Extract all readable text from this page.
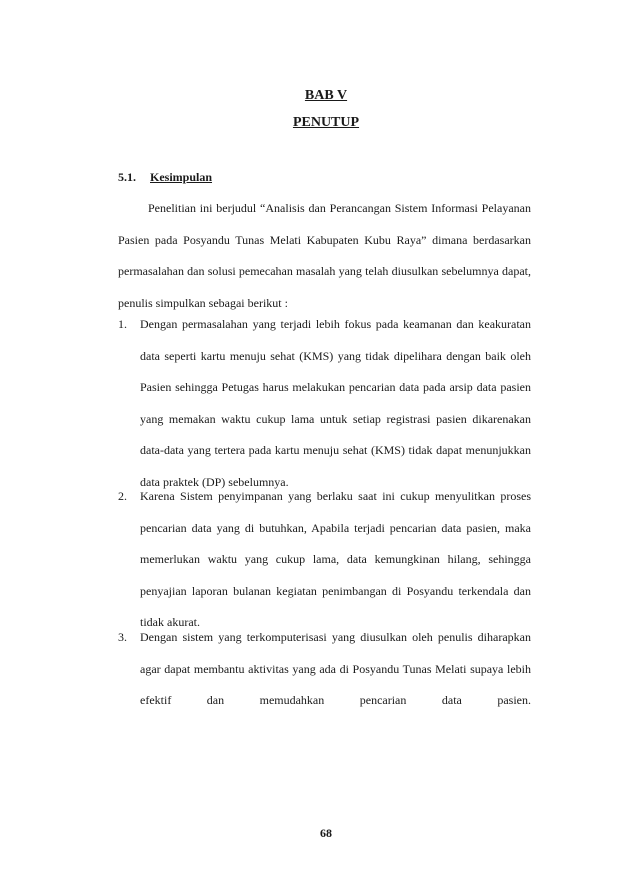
BAB V
PENUTUP
5.1. Kesimpulan
Penelitian ini berjudul “Analisis dan Perancangan Sistem Informasi Pelayanan Pasien pada Posyandu Tunas Melati Kabupaten Kubu Raya” dimana berdasarkan permasalahan dan solusi pemecahan masalah yang telah diusulkan sebelumnya dapat, penulis simpulkan sebagai berikut :
1. Dengan permasalahan yang terjadi lebih fokus pada keamanan dan keakuratan data seperti kartu menuju sehat (KMS) yang tidak dipelihara dengan baik oleh Pasien sehingga Petugas harus melakukan pencarian data pada arsip data pasien yang memakan waktu cukup lama untuk setiap registrasi pasien dikarenakan data-data yang tertera pada kartu menuju sehat (KMS) tidak dapat menunjukkan data praktek (DP) sebelumnya.
2. Karena Sistem penyimpanan yang berlaku saat ini cukup menyulitkan proses pencarian data yang di butuhkan, Apabila terjadi pencarian data pasien, maka memerlukan waktu yang cukup lama, data kemungkinan hilang, sehingga penyajian laporan bulanan kegiatan penimbangan di Posyandu terkendala dan tidak akurat.
3. Dengan sistem yang terkomputerisasi yang diusulkan oleh penulis diharapkan agar dapat membantu aktivitas yang ada di Posyandu Tunas Melati supaya lebih efektif dan memudahkan pencarian data pasien.
68
